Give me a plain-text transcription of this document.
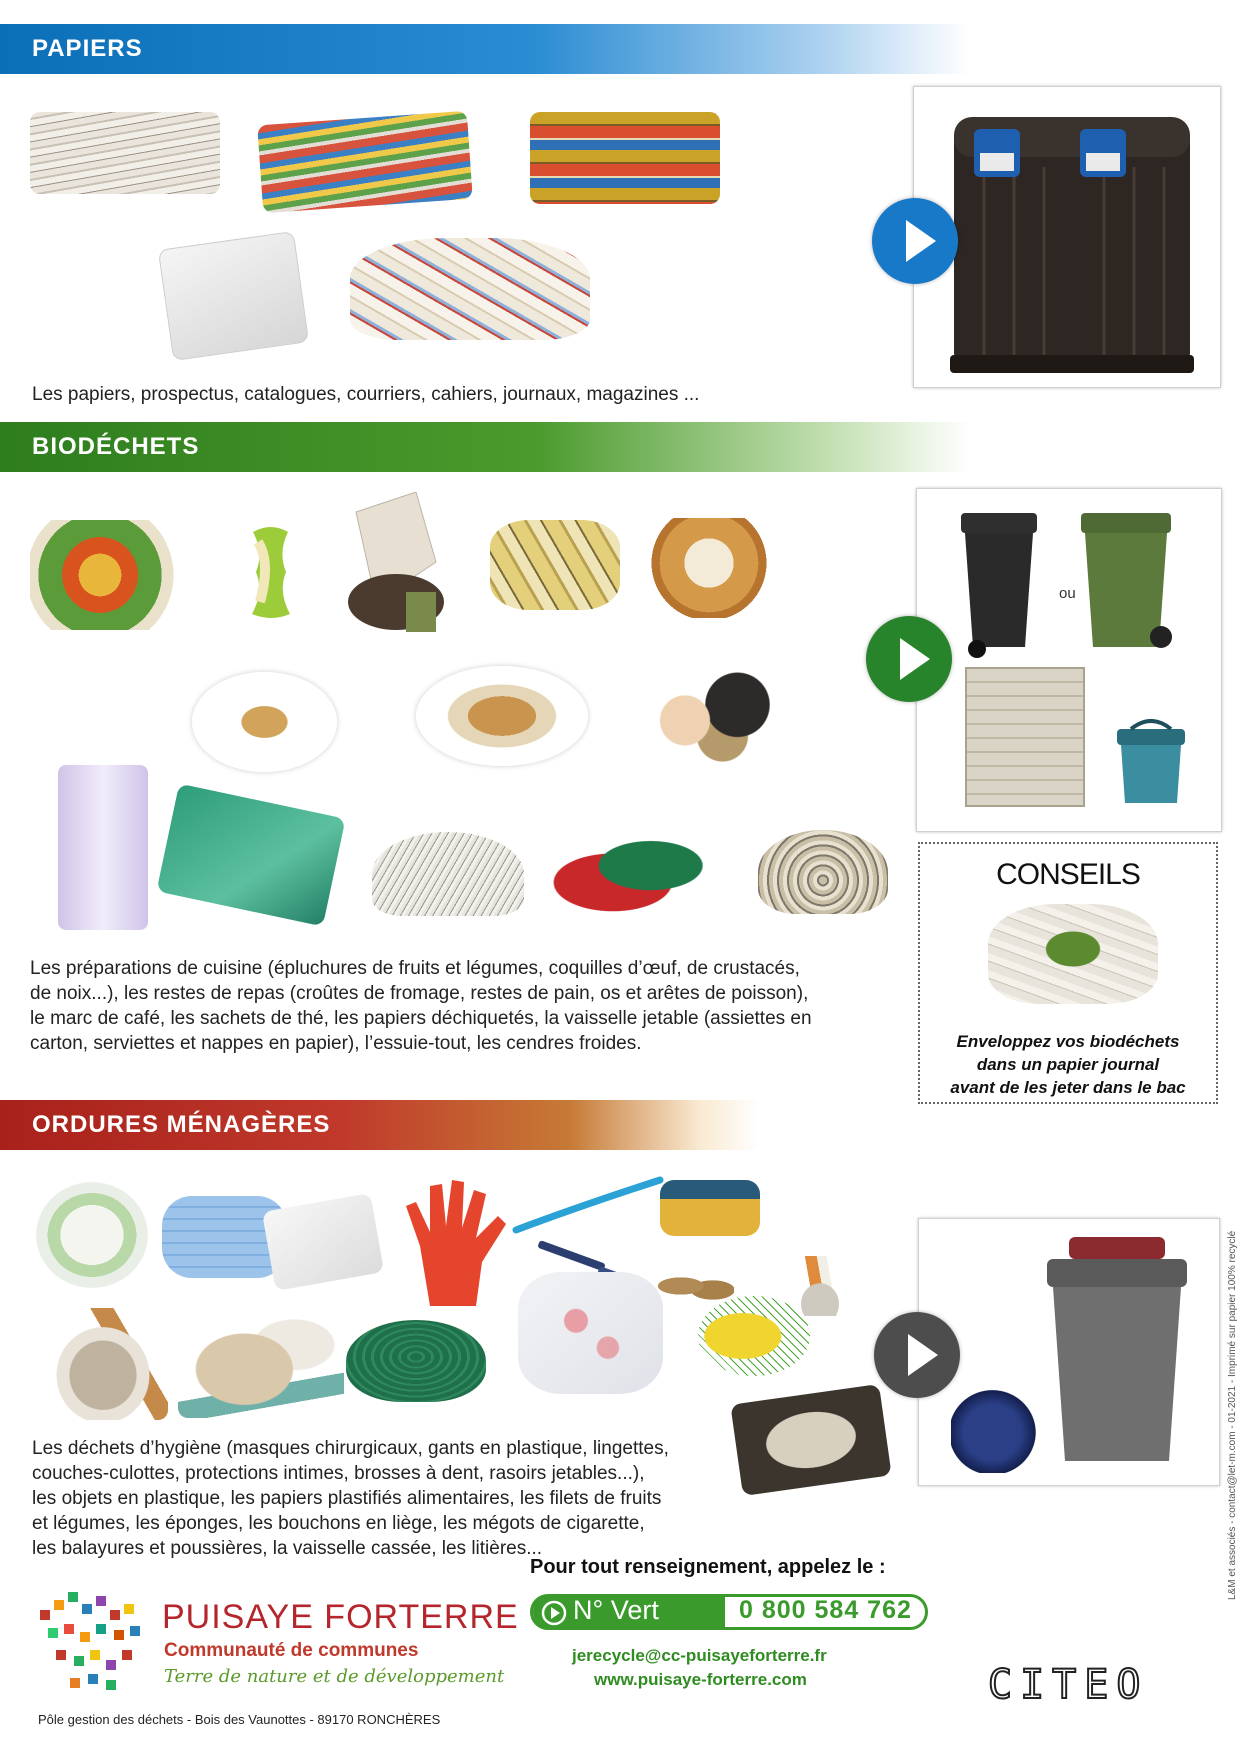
PAPIERS
Les papiers, prospectus, catalogues, courriers, cahiers, journaux, magazines ...
BIODÉCHETS
Les préparations de cuisine (épluchures de fruits et légumes, coquilles d’œuf, de crustacés,
de noix...), les restes de repas (croûtes de fromage, restes de pain, os et arêtes de poisson),
le marc de café, les sachets de thé, les papiers déchiquetés, la vaisselle jetable (assiettes en
carton, serviettes et nappes en papier), l’essuie-tout, les cendres froides.
ou
CONSEILS
Enveloppez vos biodéchets
dans un papier journal
avant de les jeter dans le bac
ORDURES MÉNAGÈRES
Les déchets d’hygiène (masques chirurgicaux, gants en plastique, lingettes,
couches-culottes, protections intimes, brosses à dent, rasoirs jetables...),
les objets en plastique, les papiers plastifiés alimentaires, les filets de fruits
et légumes, les éponges, les bouchons en liège, les mégots de cigarette,
les balayures et poussières, la vaisselle cassée, les litières...	L&M et associés - contact@let-m.com - 01-2021 - Imprimé sur papier 100% recyclé
PUISAYE FORTERRE
Communauté de communes
Terre de nature et de développement
Pôle gestion des déchets - Bois des Vaunottes - 89170 RONCHÈRES
Pour tout renseignement, appelez le :
N° Vert	0 800 584 762
jerecycle@cc-puisayeforterre.fr
www.puisaye-forterre.com	CITEO
